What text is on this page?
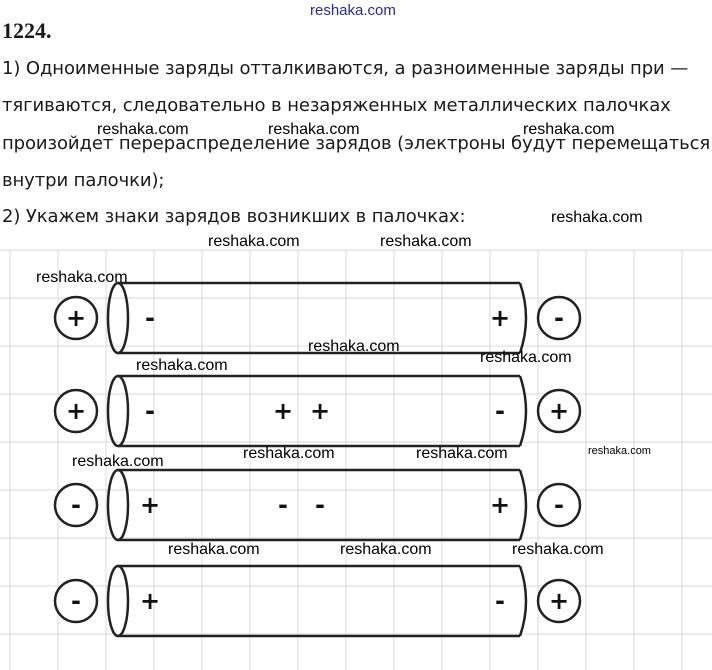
reshaka.com
1224.
1) Одноименные заряды отталкиваются, а разноименные заряды при —
тягиваются, следовательно в незаряженных металлических палочках
произойдет перераспределение зарядов (электроны будут перемещаться
внутри палочки);
2) Укажем знаки зарядов возникших в палочках:
+	-
-	+
+	+
-	-
+ +
-	-
+	+
- -
-	+
+	-
reshaka.com	reshaka.com	reshaka.com
reshaka.com
reshaka.com	reshaka.com
reshaka.com
reshaka.com
reshaka.com
reshaka.com
reshaka.com	reshaka.com	reshaka.com
reshaka.com
reshaka.com	reshaka.com	reshaka.com
